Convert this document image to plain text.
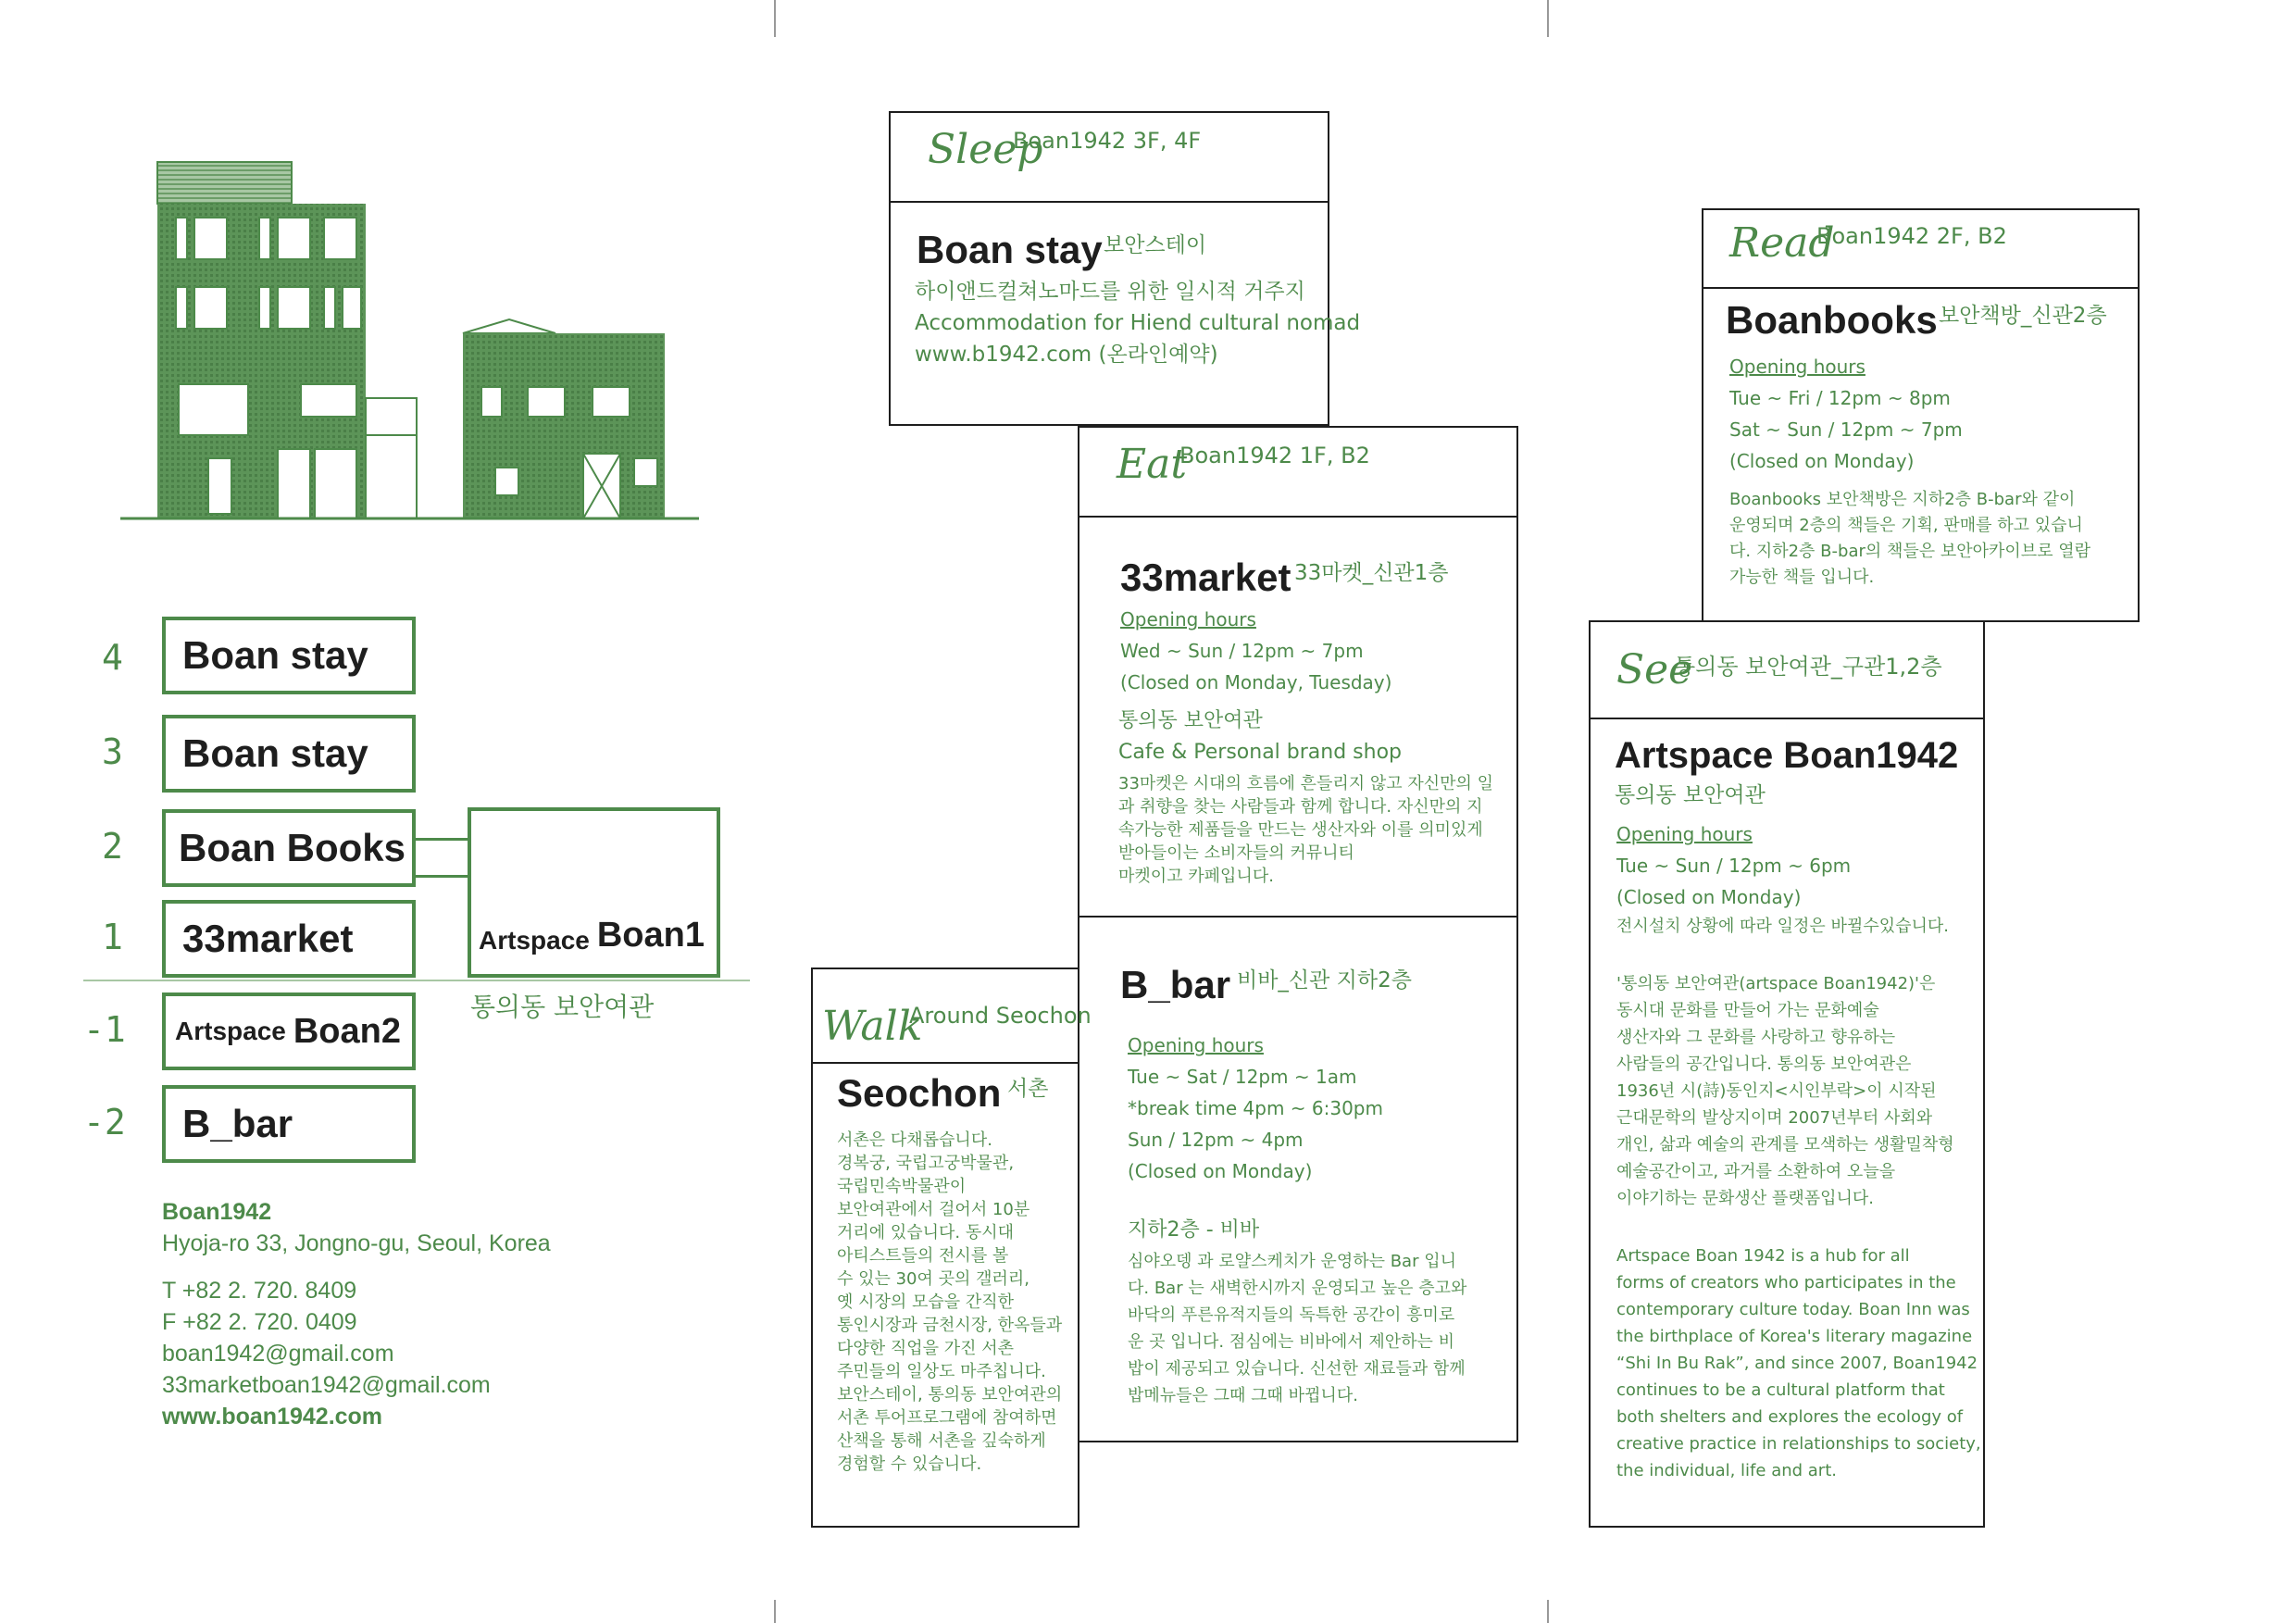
4 Boan stay
3 Boan stay
2 Boan Books
1 33market	Artspace Boan1
통의동 보안여관
-1 Artspace Boan2
-2 B_bar
Boan1942
Hyoja-ro 33, Jongno-gu, Seoul, Korea
T +82 2. 720. 8409
F +82 2. 720. 0409
boan1942@gmail.com
33marketboan1942@gmail.com
www.boan1942.com
Sleep
Boan1942 3F, 4F
Boan stay 보안스테이
하이앤드컬쳐노마드를 위한 일시적 거주지
Accommodation for Hiend cultural nomad
www.b1942.com (온라인예약)
Eat
Boan1942 1F, B2
33market 33마켓_신관1층
Opening hours
Wed ~ Sun / 12pm ~ 7pm
(Closed on Monday, Tuesday)
통의동 보안여관
Cafe & Personal brand shop
33마켓은 시대의 흐름에 흔들리지 않고 자신만의 일
과 취향을 찾는 사람들과 함께 합니다. 자신만의 지
속가능한 제품들을 만드는 생산자와 이를 의미있게
받아들이는 소비자들의 커뮤니티
마켓이고 카페입니다.
B_bar 비바_신관 지하2층
Opening hours
Tue ~ Sat / 12pm ~ 1am
*break time 4pm ~ 6:30pm
Sun / 12pm ~ 4pm
(Closed on Monday)
지하2층 - 비바
심야오뎅 과 로얄스케치가 운영하는 Bar 입니
다. Bar 는 새벽한시까지 운영되고 높은 층고와
바닥의 푸른유적지들의 독특한 공간이 흥미로
운 곳 입니다. 점심에는 비바에서 제안하는 비
밥이 제공되고 있습니다. 신선한 재료들과 함께
밥메뉴들은 그때 그때 바뀝니다.
Walk
Around Seochon
Seochon 서촌
서촌은 다채롭습니다.
경복궁, 국립고궁박물관,
국립민속박물관이
보안여관에서 걸어서 10분
거리에 있습니다. 동시대
아티스트들의 전시를 볼
수 있는 30여 곳의 갤러리,
옛 시장의 모습을 간직한
통인시장과 금천시장, 한옥들과
다양한 직업을 가진 서촌
주민들의 일상도 마주칩니다.
보안스테이, 통의동 보안여관의
서촌 투어프로그램에 참여하면
산책을 통해 서촌을 깊숙하게
경험할 수 있습니다.
Read
Boan1942 2F, B2
Boanbooks 보안책방_신관2층
Opening hours
Tue ~ Fri / 12pm ~ 8pm
Sat ~ Sun / 12pm ~ 7pm
(Closed on Monday)
Boanbooks 보안책방은 지하2층 B-bar와 같이
운영되며 2층의 책들은 기획, 판매를 하고 있습니
다. 지하2층 B-bar의 책들은 보안아카이브로 열람
가능한 책들 입니다.
See
통의동 보안여관_구관1,2층
Artspace Boan1942
통의동 보안여관
Opening hours
Tue ~ Sun / 12pm ~ 6pm
(Closed on Monday)
전시설치 상황에 따라 일정은 바뀔수있습니다.
'통의동 보안여관(artspace Boan1942)'은
동시대 문화를 만들어 가는 문화예술
생산자와 그 문화를 사랑하고 향유하는
사람들의 공간입니다. 통의동 보안여관은
1936년 시(詩)동인지<시인부락>이 시작된
근대문학의 발상지이며 2007년부터 사회와
개인, 삶과 예술의 관계를 모색하는 생활밀착형
예술공간이고, 과거를 소환하여 오늘을
이야기하는 문화생산 플랫폼입니다.
Artspace Boan 1942 is a hub for all
forms of creators who participates in the
contemporary culture today. Boan Inn was
the birthplace of Korea's literary magazine
“Shi In Bu Rak”, and since 2007, Boan1942
continues to be a cultural platform that
both shelters and explores the ecology of
creative practice in relationships to society,
the individual, life and art.
